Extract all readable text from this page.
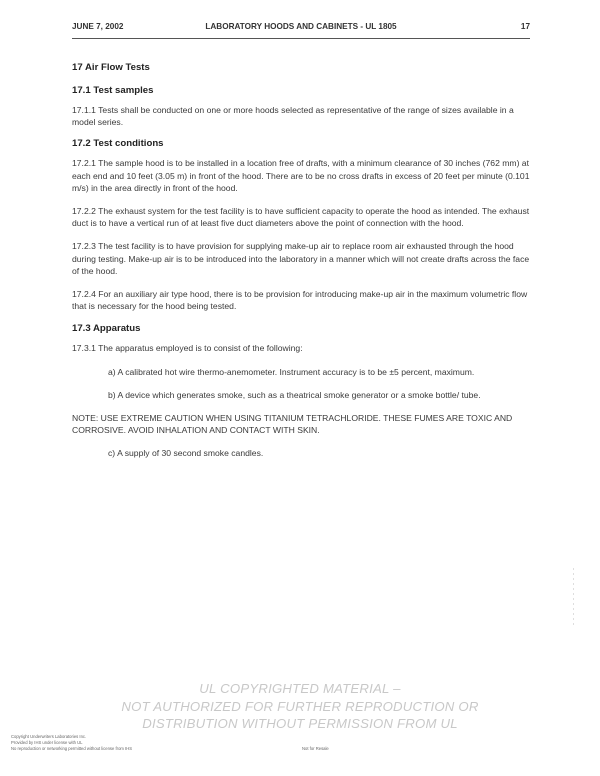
JUNE 7, 2002	LABORATORY HOODS AND CABINETS - UL 1805	17

17 Air Flow Tests

17.1 Test samples

17.1.1 Tests shall be conducted on one or more hoods selected as representative of the range of sizes available in a model series.

17.2 Test conditions

17.2.1 The sample hood is to be installed in a location free of drafts, with a minimum clearance of 30 inches (762 mm) at each end and 10 feet (3.05 m) in front of the hood. There are to be no cross drafts in excess of 20 feet per minute (0.101 m/s) in the area directly in front of the hood.

17.2.2 The exhaust system for the test facility is to have sufficient capacity to operate the hood as intended. The exhaust duct is to have a vertical run of at least five duct diameters above the point of connection with the hood.

17.2.3 The test facility is to have provision for supplying make-up air to replace room air exhausted through the hood during testing. Make-up air is to be introduced into the laboratory in a manner which will not create drafts across the face of the hood.

17.2.4 For an auxiliary air type hood, there is to be provision for introducing make-up air in the maximum volumetric flow that is necessary for the hood being tested.

17.3 Apparatus

17.3.1 The apparatus employed is to consist of the following:

a) A calibrated hot wire thermo-anemometer. Instrument accuracy is to be ±5 percent, maximum.

b) A device which generates smoke, such as a theatrical smoke generator or a smoke bottle/ tube.

NOTE: USE EXTREME CAUTION WHEN USING TITANIUM TETRACHLORIDE. THESE FUMES ARE TOXIC AND CORROSIVE. AVOID INHALATION AND CONTACT WITH SKIN.

c) A supply of 30 second smoke candles.

UL COPYRIGHTED MATERIAL –
NOT AUTHORIZED FOR FURTHER REPRODUCTION OR
DISTRIBUTION WITHOUT PERMISSION FROM UL
Copyright Underwriters Laboratories Inc.
Provided by IHS under license with UL
No reproduction or networking permitted without license from IHS	Not for Resale
